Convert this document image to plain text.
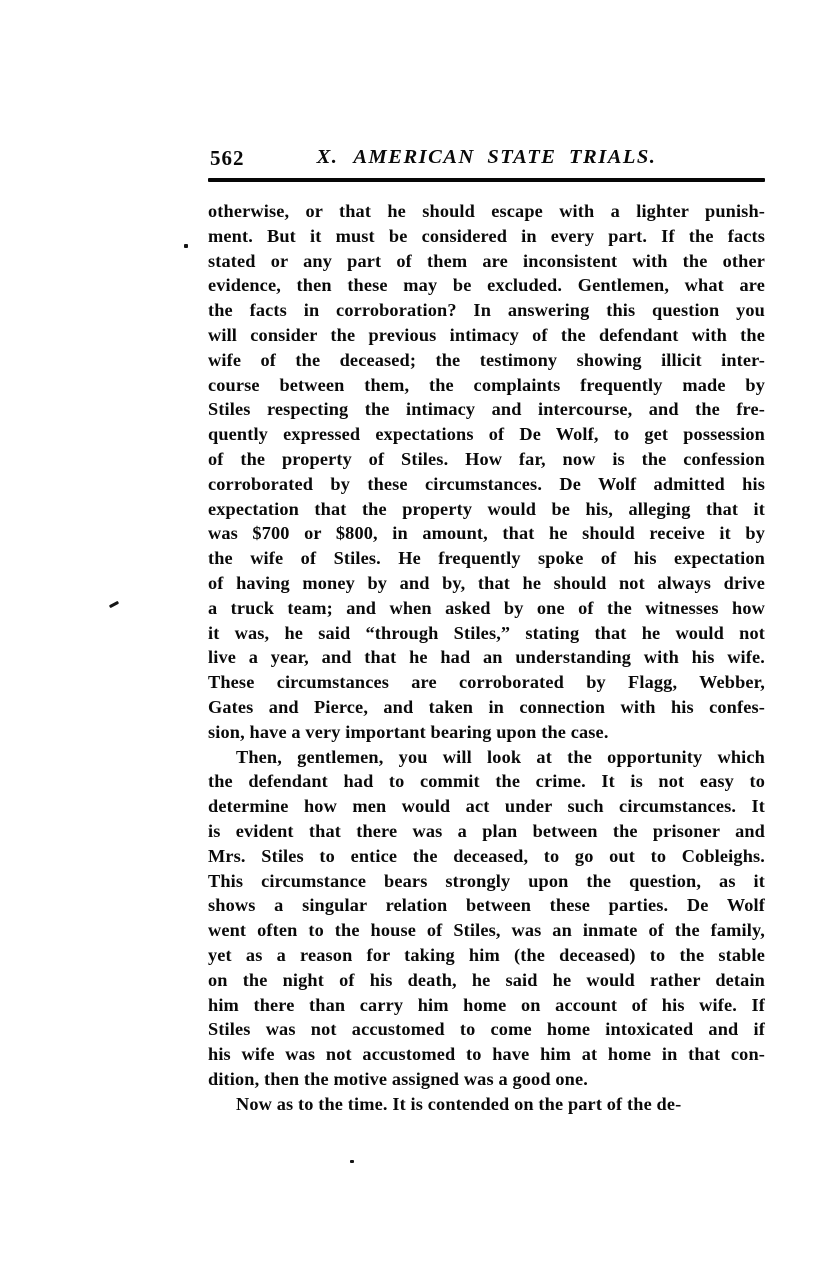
562	X. AMERICAN STATE TRIALS.
otherwise, or that he should escape with a lighter punish-
ment. But it must be considered in every part. If the facts
stated or any part of them are inconsistent with the other
evidence, then these may be excluded. Gentlemen, what are
the facts in corroboration? In answering this question you
will consider the previous intimacy of the defendant with the
wife of the deceased; the testimony showing illicit inter-
course between them, the complaints frequently made by
Stiles respecting the intimacy and intercourse, and the fre-
quently expressed expectations of De Wolf, to get possession
of the property of Stiles. How far, now is the confession
corroborated by these circumstances. De Wolf admitted his
expectation that the property would be his, alleging that it
was $700 or $800, in amount, that he should receive it by
the wife of Stiles. He frequently spoke of his expectation
of having money by and by, that he should not always drive
a truck team; and when asked by one of the witnesses how
it was, he said “through Stiles,” stating that he would not
live a year, and that he had an understanding with his wife.
These circumstances are corroborated by Flagg, Webber,
Gates and Pierce, and taken in connection with his confes-
sion, have a very important bearing upon the case.
Then, gentlemen, you will look at the opportunity which
the defendant had to commit the crime. It is not easy to
determine how men would act under such circumstances. It
is evident that there was a plan between the prisoner and
Mrs. Stiles to entice the deceased, to go out to Cobleighs.
This circumstance bears strongly upon the question, as it
shows a singular relation between these parties. De Wolf
went often to the house of Stiles, was an inmate of the family,
yet as a reason for taking him (the deceased) to the stable
on the night of his death, he said he would rather detain
him there than carry him home on account of his wife. If
Stiles was not accustomed to come home intoxicated and if
his wife was not accustomed to have him at home in that con-
dition, then the motive assigned was a good one.
Now as to the time. It is contended on the part of the de-
